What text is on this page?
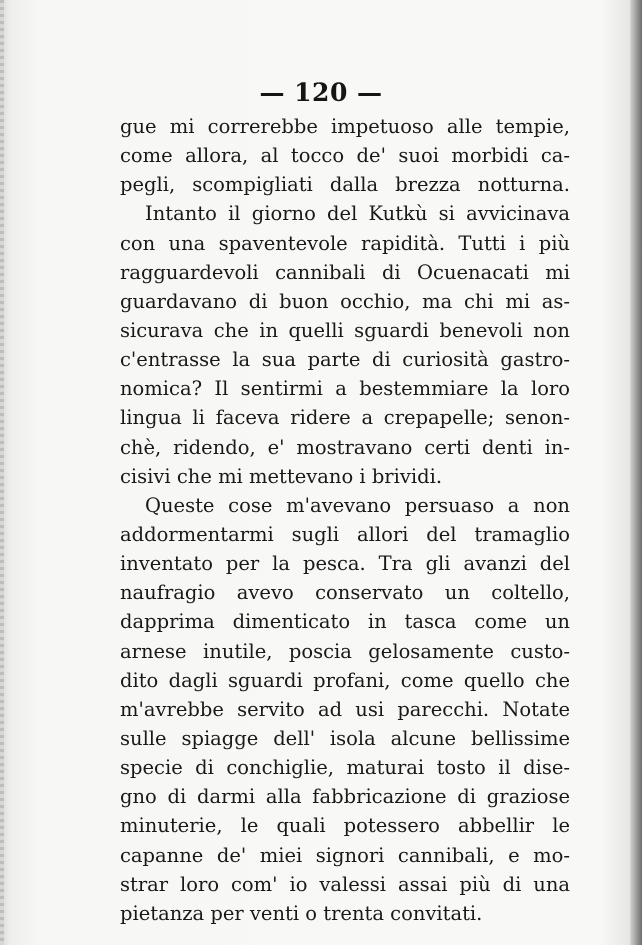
— 120 —
gue mi correrebbe impetuoso alle tempie,
come allora, al tocco de' suoi morbidi ca-
pegli, scompigliati dalla brezza notturna.
Intanto il giorno del Kutkù si avvicinava
con una spaventevole rapidità. Tutti i più
ragguardevoli cannibali di Ocuenacati mi
guardavano di buon occhio, ma chi mi as-
sicurava che in quelli sguardi benevoli non
c'entrasse la sua parte di curiosità gastro-
nomica? Il sentirmi a bestemmiare la loro
lingua li faceva ridere a crepapelle; senon-
chè, ridendo, e' mostravano certi denti in-
cisivi che mi mettevano i brividi.
Queste cose m'avevano persuaso a non
addormentarmi sugli allori del tramaglio
inventato per la pesca. Tra gli avanzi del
naufragio avevo conservato un coltello,
dapprima dimenticato in tasca come un
arnese inutile, poscia gelosamente custo-
dito dagli sguardi profani, come quello che
m'avrebbe servito ad usi parecchi. Notate
sulle spiagge dell' isola alcune bellissime
specie di conchiglie, maturai tosto il dise-
gno di darmi alla fabbricazione di graziose
minuterie, le quali potessero abbellir le
capanne de' miei signori cannibali, e mo-
strar loro com' io valessi assai più di una
pietanza per venti o trenta convitati.
